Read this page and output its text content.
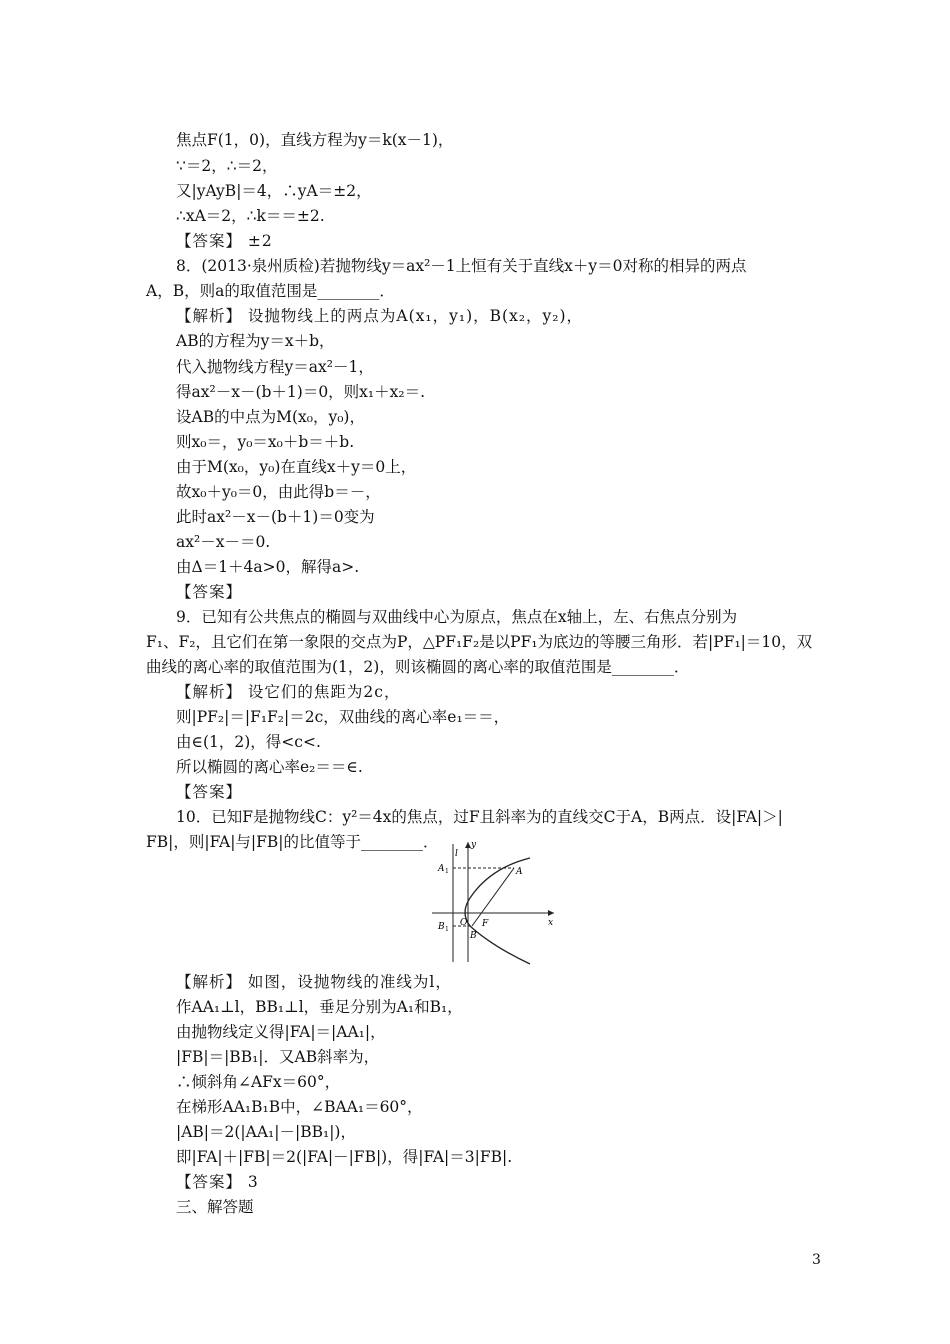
焦点F(1，0)，直线方程为y＝k(x－1)，
∵＝2，∴＝2，
又|yAyB|＝4，∴yA＝±2，
∴xA＝2，∴k＝＝±2.
【答案】 ±2
8．(2013·泉州质检)若抛物线y＝ax²－1上恒有关于直线x＋y＝0对称的相异的两点
A，B，则a的取值范围是________．
【解析】 设抛物线上的两点为A(x₁，y₁)，B(x₂，y₂)，
AB的方程为y＝x＋b，
代入抛物线方程y＝ax²－1，
得ax²－x－(b＋1)＝0，则x₁＋x₂＝.
设AB的中点为M(x₀，y₀)，
则x₀＝，y₀＝x₀＋b＝＋b.
由于M(x₀，y₀)在直线x＋y＝0上，
故x₀＋y₀＝0，由此得b＝－，
此时ax²－x－(b＋1)＝0变为
ax²－x－＝0.
由Δ＝1＋4a>0，解得a>.
【答案】
9．已知有公共焦点的椭圆与双曲线中心为原点，焦点在x轴上，左、右焦点分别为
F₁、F₂，且它们在第一象限的交点为P，△PF₁F₂是以PF₁为底边的等腰三角形．若|PF₁|＝10，双
曲线的离心率的取值范围为(1，2)，则该椭圆的离心率的取值范围是________．
【解析】 设它们的焦距为2c，
则|PF₂|＝|F₁F₂|＝2c，双曲线的离心率e₁＝＝，
由∈(1，2)，得<c<.
所以椭圆的离心率e₂＝＝∈.
【答案】
10．已知F是抛物线C：y²＝4x的焦点，过F且斜率为的直线交C于A，B两点．设|FA|＞|
FB|，则|FA|与|FB|的比值等于________．	y
l
x
O F
A
A 1
B
B 1
【解析】 如图，设抛物线的准线为l，
作AA₁⊥l，BB₁⊥l，垂足分别为A₁和B₁，
由抛物线定义得|FA|＝|AA₁|，
|FB|＝|BB₁|．又AB斜率为，
∴倾斜角∠AFx＝60°，
在梯形AA₁B₁B中，∠BAA₁＝60°，
|AB|＝2(|AA₁|－|BB₁|)，
即|FA|＋|FB|＝2(|FA|－|FB|)，得|FA|＝3|FB|.
【答案】 3
三、解答题
3
